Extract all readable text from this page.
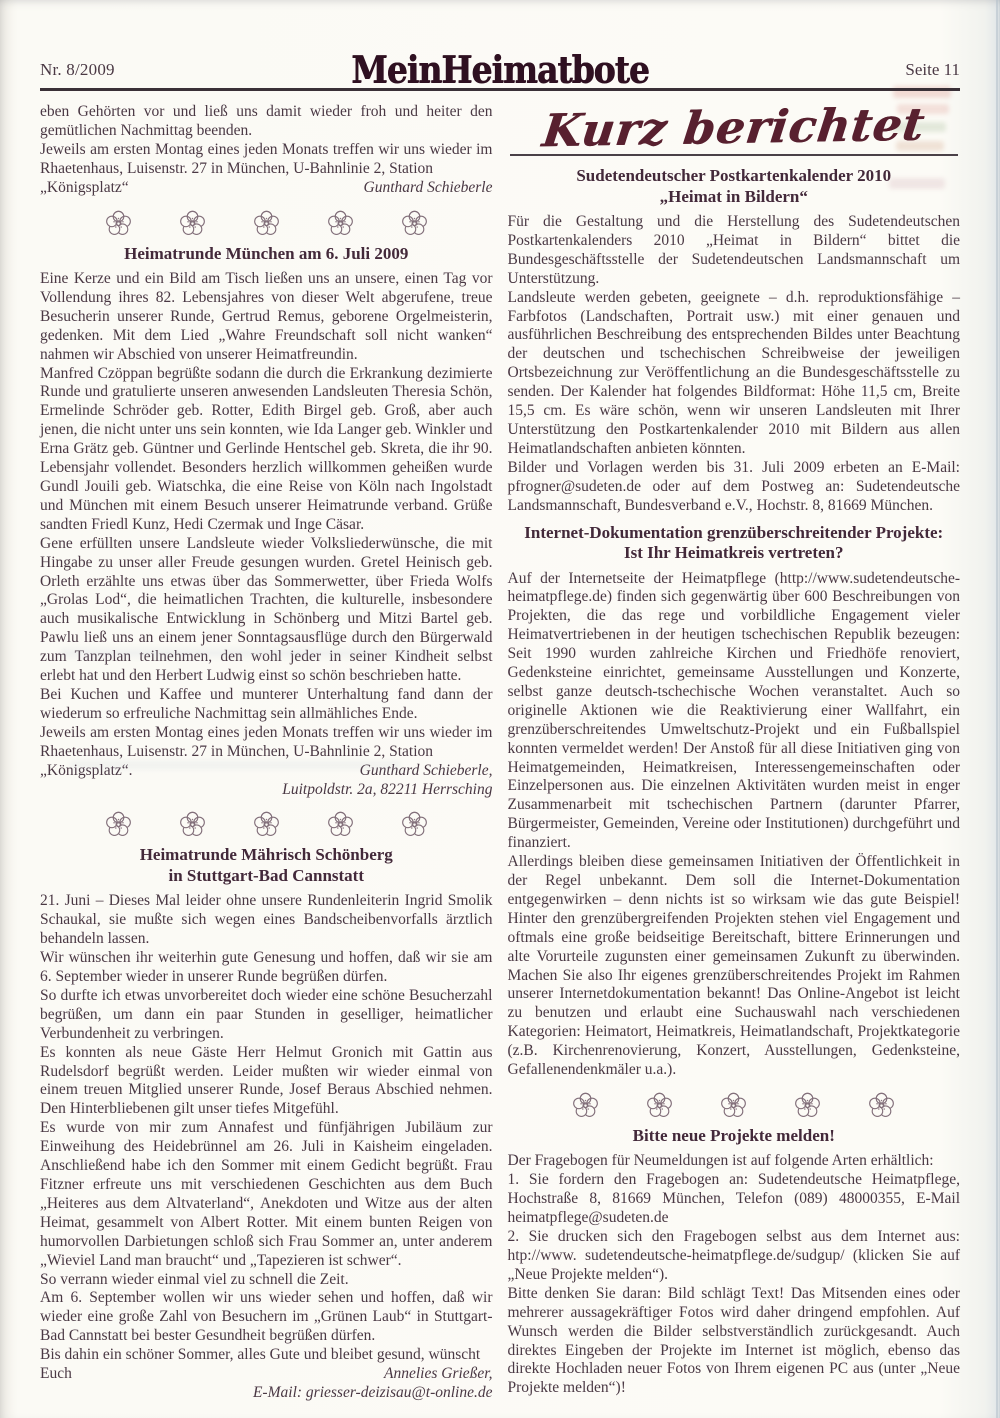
Nr. 8/2009	MeinHeimatbote	Seite 11

eben Gehörten vor und ließ uns damit wieder froh und heiter den gemütlichen Nachmittag beenden.

Jeweils am ersten Montag eines jeden Monats treffen wir uns wieder im Rhaetenhaus, Luisenstr. 27 in München, U-Bahnlinie 2, Station

„Königsplatz“	Gunthard Schieberle
Heimatrunde München am 6. Juli 2009

Eine Kerze und ein Bild am Tisch ließen uns an unsere, einen Tag vor Vollendung ihres 82. Lebensjahres von dieser Welt abgerufene, treue Besucherin unserer Runde, Gertrud Remus, geborene Orgelmeisterin, gedenken. Mit dem Lied „Wahre Freundschaft soll nicht wanken“ nahmen wir Abschied von unserer Heimatfreundin.

Manfred Czöppan begrüßte sodann die durch die Erkrankung dezimierte Runde und gratulierte unseren anwesenden Landsleuten Theresia Schön, Ermelinde Schröder geb. Rotter, Edith Birgel geb. Groß, aber auch jenen, die nicht unter uns sein konnten, wie Ida Langer geb. Winkler und Erna Grätz geb. Güntner und Gerlinde Hentschel geb. Skreta, die ihr 90. Lebensjahr vollendet. Besonders herzlich willkommen geheißen wurde Gundl Jouili geb. Wiatschka, die eine Reise von Köln nach Ingolstadt und München mit einem Besuch unserer Heimatrunde verband. Grüße sandten Friedl Kunz, Hedi Czermak und Inge Cäsar.

Gene erfüllten unsere Landsleute wieder Volksliederwünsche, die mit Hingabe zu unser aller Freude gesungen wurden. Gretel Heinisch geb. Orleth erzählte uns etwas über das Sommerwetter, über Frieda Wolfs „Grolas Lod“, die heimatlichen Trachten, die kulturelle, insbesondere auch musikalische Entwicklung in Schönberg und Mitzi Bartel geb. Pawlu ließ uns an einem jener Sonntagsausflüge durch den Bürgerwald zum Tanzplan teilnehmen, den wohl jeder in seiner Kindheit selbst erlebt hat und den Herbert Ludwig einst so schön beschrieben hatte.

Bei Kuchen und Kaffee und munterer Unterhaltung fand dann der wiederum so erfreuliche Nachmittag sein allmähliches Ende.

Jeweils am ersten Montag eines jeden Monats treffen wir uns wieder im Rhaetenhaus, Luisenstr. 27 in München, U-Bahnlinie 2, Station

„Königsplatz“.	Gunthard Schieberle,
Luitpoldstr. 2a, 82211 Herrsching
Heimatrunde Mährisch Schönberg
in Stuttgart-Bad Cannstatt

21. Juni – Dieses Mal leider ohne unsere Rundenleiterin Ingrid Smolik Schaukal, sie mußte sich wegen eines Bandscheibenvorfalls ärztlich behandeln lassen.

Wir wünschen ihr weiterhin gute Genesung und hoffen, daß wir sie am 6. September wieder in unserer Runde begrüßen dürfen.

So durfte ich etwas unvorbereitet doch wieder eine schöne Besucherzahl begrüßen, um dann ein paar Stunden in geselliger, heimatlicher Verbundenheit zu verbringen.

Es konnten als neue Gäste Herr Helmut Gronich mit Gattin aus Rudelsdorf begrüßt werden. Leider mußten wir wieder einmal von einem treuen Mitglied unserer Runde, Josef Beraus Abschied nehmen. Den Hinterbliebenen gilt unser tiefes Mitgefühl.

Es wurde von mir zum Annafest und fünfjährigen Jubiläum zur Einweihung des Heidebrünnel am 26. Juli in Kaisheim eingeladen. Anschließend habe ich den Sommer mit einem Gedicht begrüßt. Frau Fitzner erfreute uns mit verschiedenen Geschichten aus dem Buch „Heiteres aus dem Altvaterland“, Anekdoten und Witze aus der alten Heimat, gesammelt von Albert Rotter. Mit einem bunten Reigen von humorvollen Darbietungen schloß sich Frau Sommer an, unter anderem „Wieviel Land man braucht“ und „Tapezieren ist schwer“.

So verrann wieder einmal viel zu schnell die Zeit.

Am 6. September wollen wir uns wieder sehen und hoffen, daß wir wieder eine große Zahl von Besuchern im „Grünen Laub“ in Stuttgart-Bad Cannstatt bei bester Gesundheit begrüßen dürfen.

Bis dahin ein schöner Sommer, alles Gute und bleibet gesund, wünscht

Euch	Annelies Grießer,
E-Mail: griesser-deizisau@t-online.de
Kurz berichtet
Sudetendeutscher Postkartenkalender 2010
„Heimat in Bildern“

Für die Gestaltung und die Herstellung des Sudetendeutschen Postkartenkalenders 2010 „Heimat in Bildern“ bittet die Bundesgeschäftsstelle der Sudetendeutschen Landsmannschaft um Unterstützung.

Landsleute werden gebeten, geeignete – d.h. reproduktionsfähige – Farbfotos (Landschaften, Portrait usw.) mit einer genauen und ausführlichen Beschreibung des entsprechenden Bildes unter Beachtung der deutschen und tschechischen Schreibweise der jeweiligen Ortsbezeichnung zur Veröffentlichung an die Bundesgeschäftsstelle zu senden. Der Kalender hat folgendes Bildformat: Höhe 11,5 cm, Breite 15,5 cm. Es wäre schön, wenn wir unseren Landsleuten mit Ihrer Unterstützung den Postkartenkalender 2010 mit Bildern aus allen Heimatlandschaften anbieten könnten.

Bilder und Vorlagen werden bis 31. Juli 2009 erbeten an E-Mail: pfrogner@sudeten.de oder auf dem Postweg an: Sudetendeutsche Landsmannschaft, Bundesverband e.V., Hochstr. 8, 81669 München.

Internet-Dokumentation grenzüberschreitender Projekte:
Ist Ihr Heimatkreis vertreten?

Auf der Internetseite der Heimatpflege (http://www.sudetendeutsche-heimatpflege.de) finden sich gegenwärtig über 600 Beschreibungen von Projekten, die das rege und vorbildliche Engagement vieler Heimatvertriebenen in der heutigen tschechischen Republik bezeugen: Seit 1990 wurden zahlreiche Kirchen und Friedhöfe renoviert, Gedenksteine einrichtet, gemeinsame Ausstellungen und Konzerte, selbst ganze deutsch-tschechische Wochen veranstaltet. Auch so originelle Aktionen wie die Reaktivierung einer Wallfahrt, ein grenzüberschreitendes Umweltschutz-Projekt und ein Fußballspiel konnten vermeldet werden! Der Anstoß für all diese Initiativen ging von Heimatgemeinden, Heimatkreisen, Interessengemeinschaften oder Einzelpersonen aus. Die einzelnen Aktivitäten wurden meist in enger Zusammenarbeit mit tschechischen Partnern (darunter Pfarrer, Bürgermeister, Gemeinden, Vereine oder Institutionen) durchgeführt und finanziert.

Allerdings bleiben diese gemeinsamen Initiativen der Öffentlichkeit in der Regel unbekannt. Dem soll die Internet-Dokumentation entgegenwirken – denn nichts ist so wirksam wie das gute Beispiel! Hinter den grenzübergreifenden Projekten stehen viel Engagement und oftmals eine große beidseitige Bereitschaft, bittere Erinnerungen und alte Vorurteile zugunsten einer gemeinsamen Zukunft zu überwinden. Machen Sie also Ihr eigenes grenzüberschreitendes Projekt im Rahmen unserer Internetdokumentation bekannt! Das Online-Angebot ist leicht zu benutzen und erlaubt eine Suchauswahl nach verschiedenen Kategorien: Heimatort, Heimatkreis, Heimatlandschaft, Projektkategorie (z.B. Kirchenrenovierung, Konzert, Ausstellungen, Gedenksteine, Gefallenendenkmäler u.a.).

Bitte neue Projekte melden!

Der Fragebogen für Neumeldungen ist auf folgende Arten erhältlich:

1. Sie fordern den Fragebogen an: Sudetendeutsche Heimatpflege, Hochstraße 8, 81669 München, Telefon (089) 48000355, E-Mail heimatpflege@sudeten.de

2. Sie drucken sich den Fragebogen selbst aus dem Internet aus: htp://www. sudetendeutsche-heimatpflege.de/sudgup/ (klicken Sie auf „Neue Projekte melden“).

Bitte denken Sie daran: Bild schlägt Text! Das Mitsenden eines oder mehrerer aussagekräftiger Fotos wird daher dringend empfohlen. Auf Wunsch werden die Bilder selbstverständlich zurückgesandt. Auch direktes Eingeben der Projekte im Internet ist möglich, ebenso das direkte Hochladen neuer Fotos von Ihrem eigenen PC aus (unter „Neue Projekte melden“)!
